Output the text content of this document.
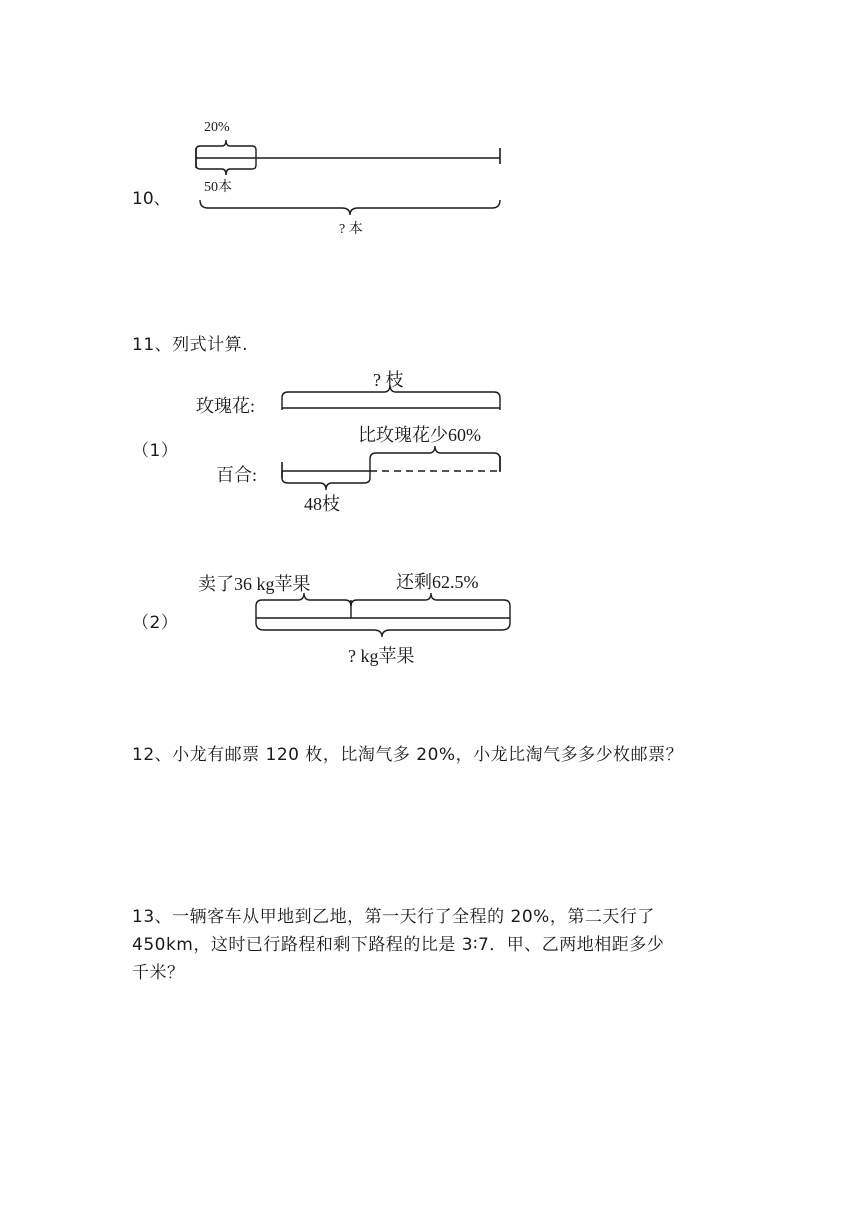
10、
20%
50本
? 本
11、列式计算.
（1）
玫瑰花:
? 枝
比玫瑰花少60%
百合:
48枝
（2）
卖了36 kg苹果	还剩62.5%
? kg苹果
12、小龙有邮票 120 枚，比淘气多 20%，小龙比淘气多多少枚邮票？
13、一辆客车从甲地到乙地，第一天行了全程的 20%，第二天行了
450km，这时已行路程和剩下路程的比是 3∶7．甲、乙两地相距多少
千米？
